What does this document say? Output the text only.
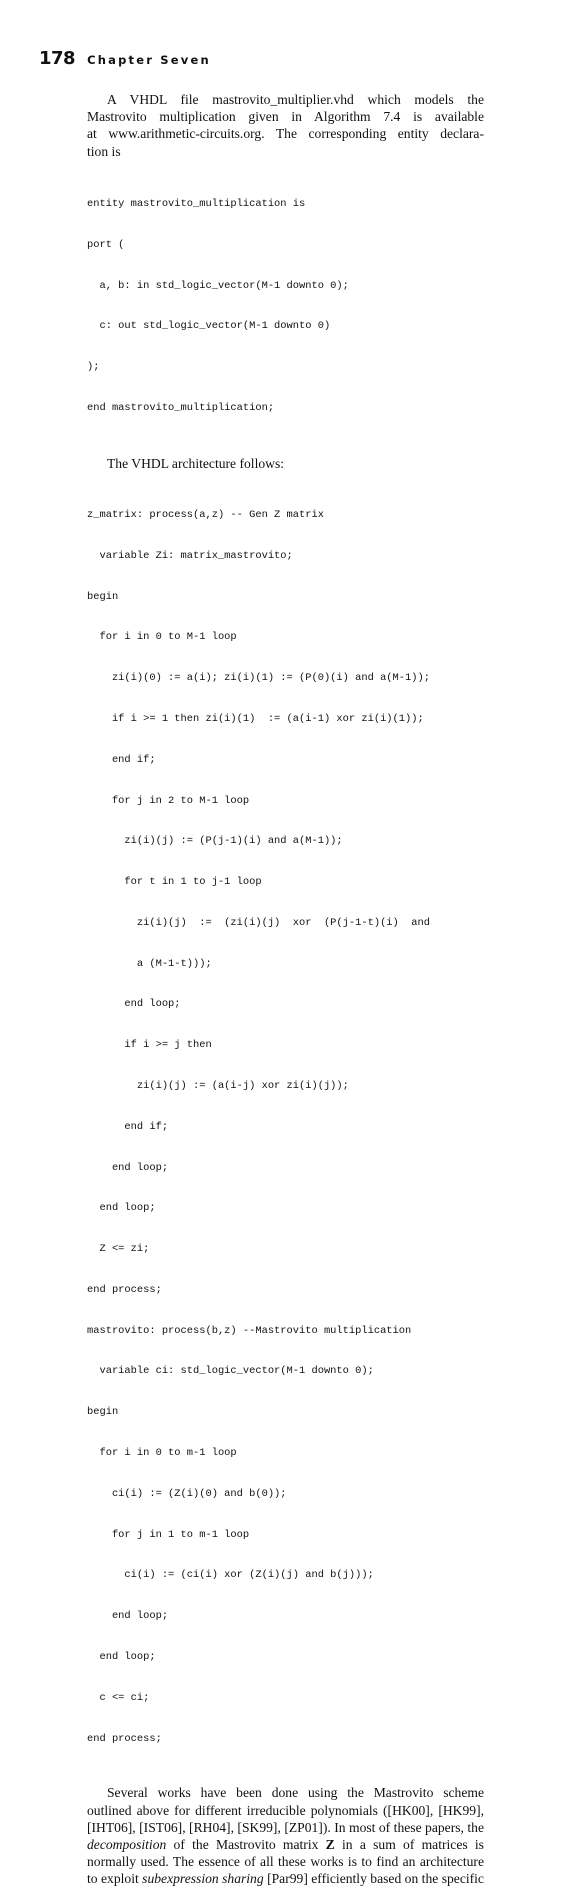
178 Chapter Seven

A VHDL file mastrovito_multiplier.vhd which models the
Mastrovito multiplication given in Algorithm 7.4 is available
at www.arithmetic-circuits.org. The corresponding entity declara-
tion is

entity mastrovito_multiplication is

port (

a, b: in std_logic_vector(M-1 downto 0);

c: out std_logic_vector(M-1 downto 0)

);

end mastrovito_multiplication;

The VHDL architecture follows:

z_matrix: process(a,z) -- Gen Z matrix

variable Zi: matrix_mastrovito;

begin

for i in 0 to M-1 loop

zi(i)(0) := a(i); zi(i)(1) := (P(0)(i) and a(M-1));

if i >= 1 then zi(i)(1)  := (a(i-1) xor zi(i)(1));

end if;

for j in 2 to M-1 loop

zi(i)(j) := (P(j-1)(i) and a(M-1));

for t in 1 to j-1 loop

zi(i)(j)  :=  (zi(i)(j)  xor  (P(j-1-t)(i)  and

a (M-1-t)));

end loop;

if i >= j then

zi(i)(j) := (a(i-j) xor zi(i)(j));

end if;

end loop;

end loop;

Z <= zi;

end process;

mastrovito: process(b,z) --Mastrovito multiplication

variable ci: std_logic_vector(M-1 downto 0);

begin

for i in 0 to m-1 loop

ci(i) := (Z(i)(0) and b(0));

for j in 1 to m-1 loop

ci(i) := (ci(i) xor (Z(i)(j) and b(j)));

end loop;

end loop;

c <= ci;

end process;

Several works have been done using the Mastrovito scheme
outlined above for different irreducible polynomials ([HK00], [HK99],
[IHT06], [IST06], [RH04], [SK99], [ZP01]). In most of these papers, the
decomposition of the Mastrovito matrix Z in a sum of matrices is
normally used. The essence of all these works is to find an architecture
to exploit subexpression sharing [Par99] efficiently based on the specific
